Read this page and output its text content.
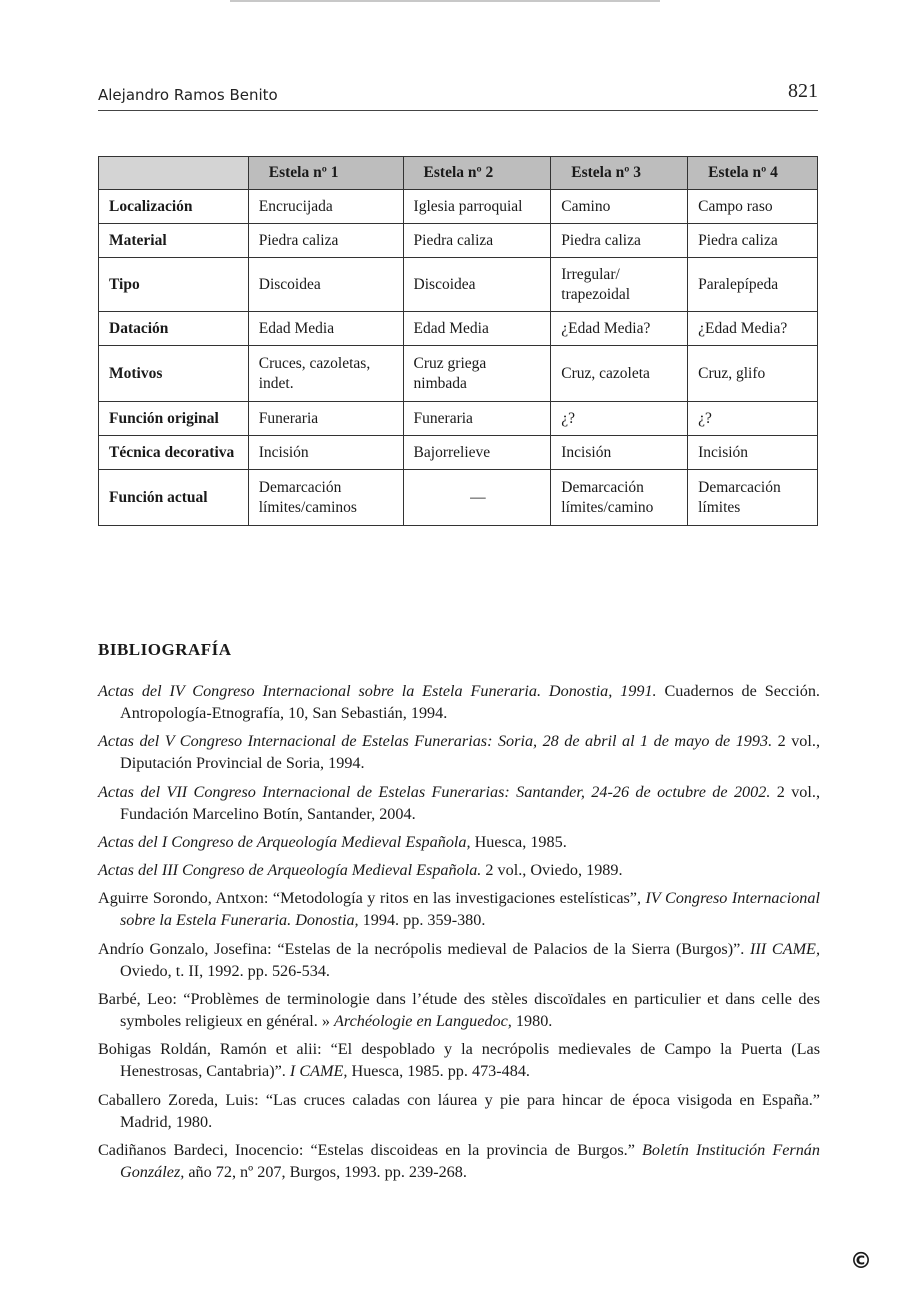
Alejandro Ramos Benito	821
	Estela nº 1	Estela nº 2	Estela nº 3	Estela nº 4
Localización	Encrucijada	Iglesia parroquial	Camino	Campo raso
Material	Piedra caliza	Piedra caliza	Piedra caliza	Piedra caliza
Tipo	Discoidea	Discoidea	Irregular/ trapezoidal	Paralepípeda
Datación	Edad Media	Edad Media	¿Edad Media?	¿Edad Media?
Motivos	Cruces, cazoletas, indet.	Cruz griega nimbada	Cruz, cazoleta	Cruz, glifo
Función original	Funeraria	Funeraria	¿?	¿?
Técnica decorativa	Incisión	Bajorrelieve	Incisión	Incisión
Función actual	Demarcación límites/caminos	—	Demarcación límites/camino	Demarcación límites
BIBLIOGRAFÍA

Actas del IV Congreso Internacional sobre la Estela Funeraria. Donostia, 1991. Cuadernos de Sección. Antropología-Etnografía, 10, San Sebastián, 1994.

Actas del V Congreso Internacional de Estelas Funerarias: Soria, 28 de abril al 1 de mayo de 1993. 2 vol., Diputación Provincial de Soria, 1994.

Actas del VII Congreso Internacional de Estelas Funerarias: Santander, 24-26 de octubre de 2002. 2 vol., Fundación Marcelino Botín, Santander, 2004.

Actas del I Congreso de Arqueología Medieval Española, Huesca, 1985.

Actas del III Congreso de Arqueología Medieval Española. 2 vol., Oviedo, 1989.

Aguirre Sorondo, Antxon: “Metodología y ritos en las investigaciones estelísticas”, IV Congreso Internacional sobre la Estela Funeraria. Donostia, 1994. pp. 359-380.

Andrío Gonzalo, Josefina: “Estelas de la necrópolis medieval de Palacios de la Sierra (Burgos)”. III CAME, Oviedo, t. II, 1992. pp. 526-534.

Barbé, Leo: “Problèmes de terminologie dans l’étude des stèles discoïdales en particulier et dans celle des symboles religieux en général. » Archéologie en Languedoc, 1980.

Bohigas Roldán, Ramón et alii: “El despoblado y la necrópolis medievales de Campo la Puerta (Las Henestrosas, Cantabria)”. I CAME, Huesca, 1985. pp. 473-484.

Caballero Zoreda, Luis: “Las cruces caladas con láurea y pie para hincar de época visigoda en España.” Madrid, 1980.

Cadiñanos Bardeci, Inocencio: “Estelas discoideas en la provincia de Burgos.” Boletín Institución Fernán González, año 72, nº 207, Burgos, 1993. pp. 239-268.

©
